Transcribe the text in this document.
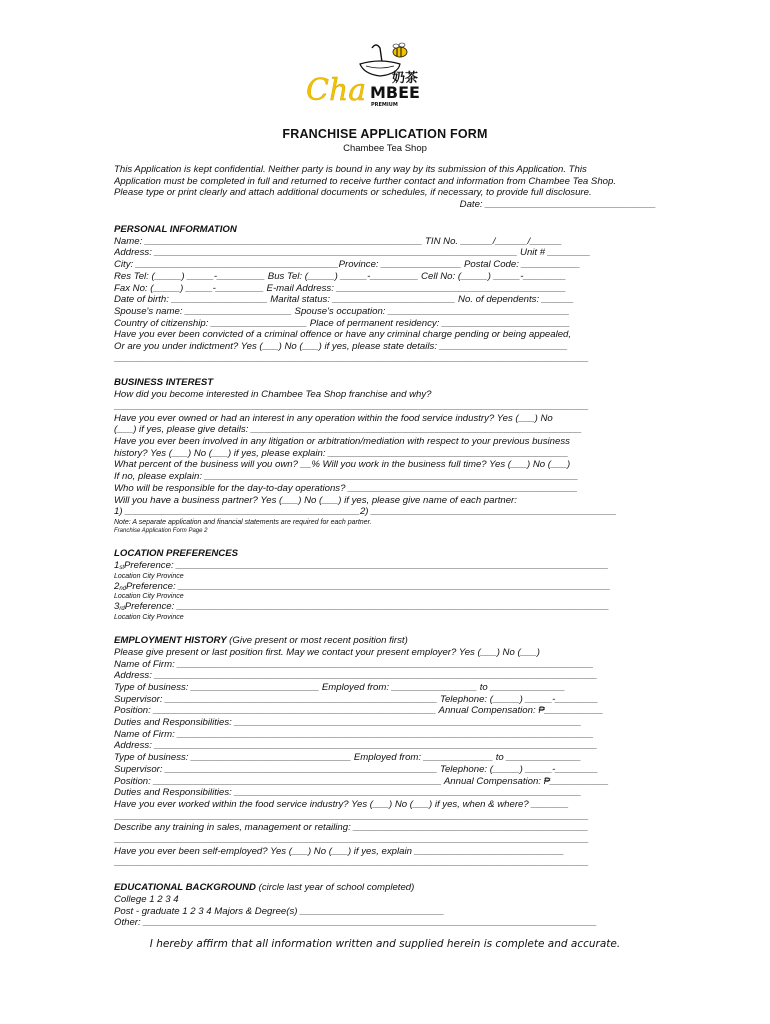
Cha 奶茶
MBEE
PREMIUM
FRANCHISE APPLICATION FORM
Chambee Tea Shop
This Application is kept confidential. Neither party is bound in any way by its submission of this Application. This
Application must be completed in full and returned to receive further contact and information from Chambee Tea Shop.
Please type or print clearly and attach additional documents or schedules, if necessary, to provide full disclosure.
Date: ________________________________
PERSONAL INFORMATION
Name: ____________________________________________________ TIN No. ______/______/______
Address: ____________________________________________________________________ Unit # ________
City: ______________________________________Province: _______________ Postal Code: ___________
Res Tel: (_____) _____-_________ Bus Tel: (_____) _____-_________ Cell No: (_____) _____-________
Fax No: (_____) _____-_________ E-mail Address: ___________________________________________
Date of birth: __________________ Marital status: _______________________ No. of dependents: ______
Spouse's name: ____________________ Spouse's occupation: __________________________________
Country of citizenship: __________________ Place of permanent residency: ________________________
Have you ever been convicted of a criminal offence or have any criminal charge pending or being appealed,
Or are you under indictment? Yes (___) No (___) if yes, please state details: ________________________
_________________________________________________________________________________________
BUSINESS INTEREST
How did you become interested in Chambee Tea Shop franchise and why?
_________________________________________________________________________________________
Have you ever owned or had an interest in any operation within the food service industry? Yes (___) No
(___) if yes, please give details: ______________________________________________________________
Have you ever been involved in any litigation or arbitration/mediation with respect to your previous business
history? Yes (___) No (___) if yes, please explain: _____________________________________________
What percent of the business will you own? __% Will you work in the business full time? Yes (___) No (___)
If no, please explain: ______________________________________________________________________
Who will be responsible for the day-to-day operations? ___________________________________________
Will you have a business partner? Yes (___) No (___) if yes, please give name of each partner:
1) ____________________________________________2) ______________________________________________
Note: A separate application and financial statements are required for each partner.
Franchise Application Form Page 2
LOCATION PREFERENCES
1stPreference: _________________________________________________________________________________
Location City Province
2ndPreference: _________________________________________________________________________________
Location City Province
3rdPreference: _________________________________________________________________________________
Location City Province
EMPLOYMENT HISTORY (Give present or most recent position first)
Please give present or last position first. May we contact your present employer? Yes (___) No (___)
Name of Firm: ______________________________________________________________________________
Address: ___________________________________________________________________________________
Type of business: ________________________ Employed from: ________________ to ______________
Supervisor: ___________________________________________________ Telephone: (_____) _____-________
Position: _____________________________________________________ Annual Compensation: ₱___________
Duties and Responsibilities: _________________________________________________________________
Name of Firm: ______________________________________________________________________________
Address: ___________________________________________________________________________________
Type of business: ______________________________ Employed from: _____________ to ______________
Supervisor: ___________________________________________________ Telephone: (_____) _____-________
Position: ______________________________________________________ Annual Compensation: ₱___________
Duties and Responsibilities: _________________________________________________________________
Have you ever worked within the food service industry? Yes (___) No (___) if yes, when & where? _______
_________________________________________________________________________________________
Describe any training in sales, management or retailing: ____________________________________________
_________________________________________________________________________________________
Have you ever been self-employed? Yes (___) No (___) if yes, explain ____________________________
_________________________________________________________________________________________
EDUCATIONAL BACKGROUND (circle last year of school completed)
College 1 2 3 4
Post - graduate 1 2 3 4 Majors & Degree(s) ___________________________
Other: _____________________________________________________________________________________
I hereby affirm that all information written and supplied herein is complete and accurate.
